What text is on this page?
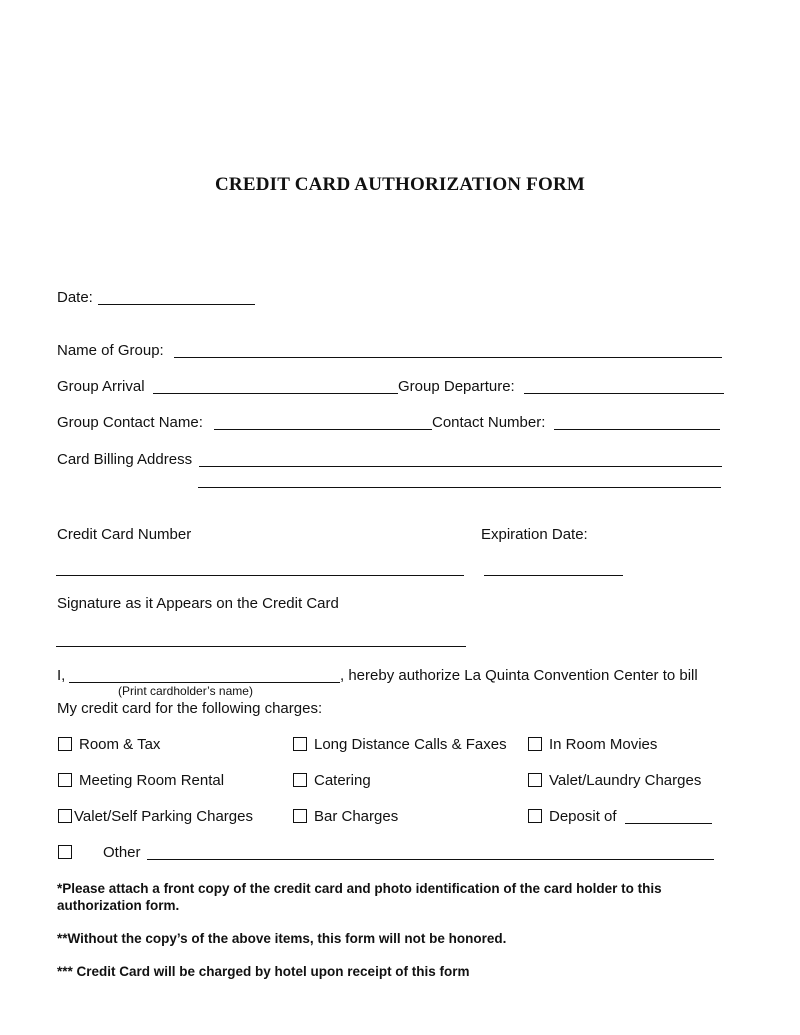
CREDIT CARD AUTHORIZATION FORM
Date:
Name of Group:
Group Arrival	Group Departure:
Group Contact Name:	Contact Number:
Card Billing Address
Credit Card Number	Expiration Date:
Signature as it Appears on the Credit Card
I,	, hereby authorize La Quinta Convention Center to bill
(Print cardholder’s name)
My credit card for the following charges:
Room & Tax	Long Distance Calls & Faxes	In Room Movies
Meeting Room Rental	Catering	Valet/Laundry Charges
Valet/Self Parking Charges	Bar Charges	Deposit of
Other
*Please attach a front copy of the credit card and photo identification of the card holder to this authorization form.
**Without the copy’s of the above items, this form will not be honored.
*** Credit Card will be charged by hotel upon receipt of this form
